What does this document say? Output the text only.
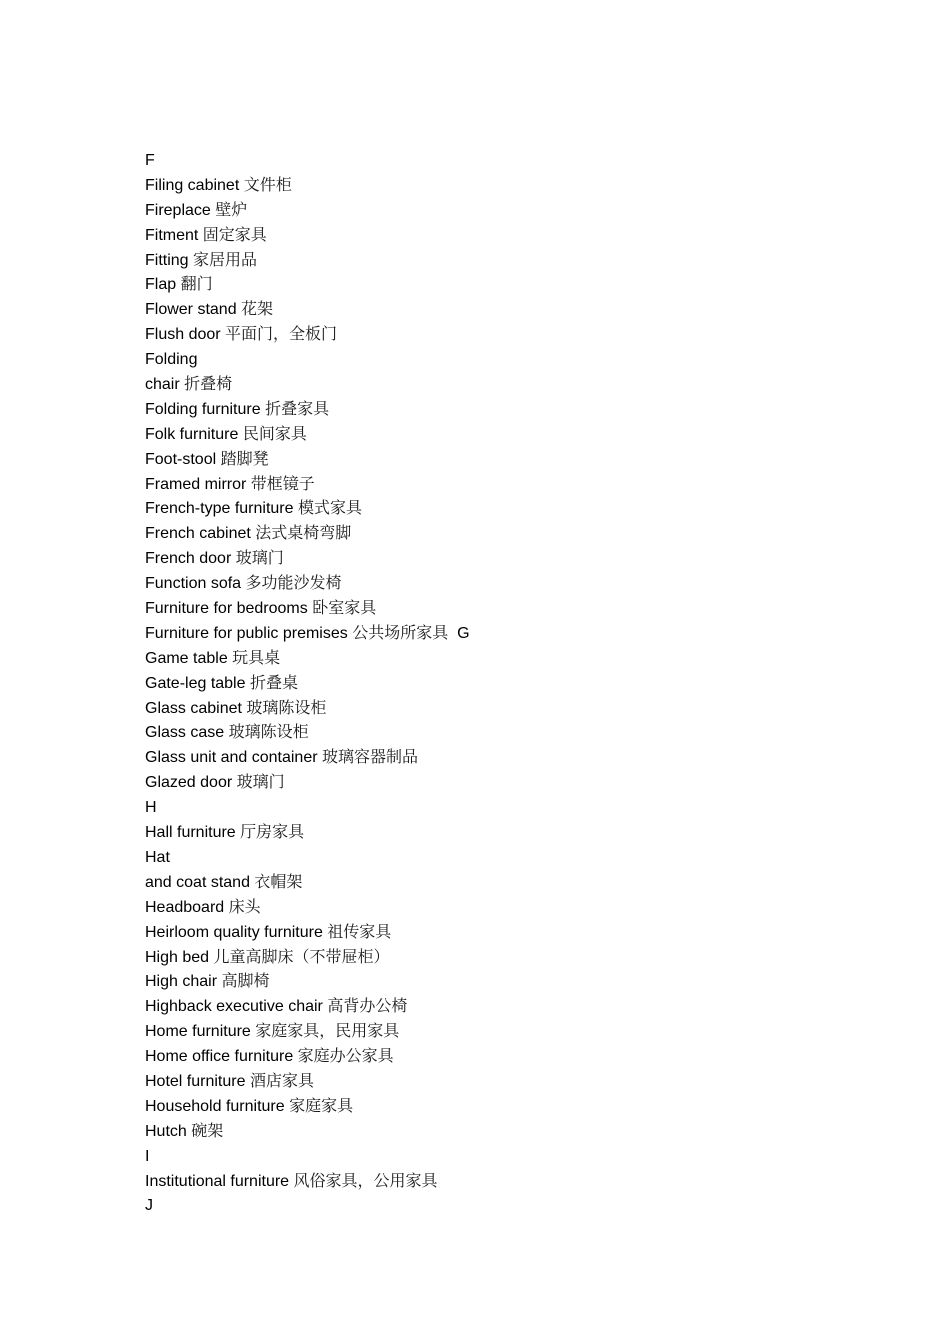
F
Filing cabinet 文件柜
Fireplace 壁炉
Fitment 固定家具
Fitting 家居用品
Flap 翻门
Flower stand 花架
Flush door 平面门，全板门
Folding
chair 折叠椅
Folding furniture 折叠家具
Folk furniture 民间家具
Foot-stool 踏脚凳
Framed mirror 带框镜子
French-type furniture 模式家具
French cabinet 法式桌椅弯脚
French door 玻璃门
Function sofa 多功能沙发椅
Furniture for bedrooms 卧室家具
Furniture for public premises 公共场所家具  G
Game table 玩具桌
Gate-leg table 折叠桌
Glass cabinet 玻璃陈设柜
Glass case 玻璃陈设柜
Glass unit and container 玻璃容器制品
Glazed door 玻璃门
H
Hall furniture 厅房家具
Hat
and coat stand 衣帽架
Headboard 床头
Heirloom quality furniture 祖传家具
High bed 儿童高脚床（不带屉柜）
High chair 高脚椅
Highback executive chair 高背办公椅
Home furniture 家庭家具，民用家具
Home office furniture 家庭办公家具
Hotel furniture 酒店家具
Household furniture 家庭家具
Hutch 碗架
I
Institutional furniture 风俗家具，公用家具
J
